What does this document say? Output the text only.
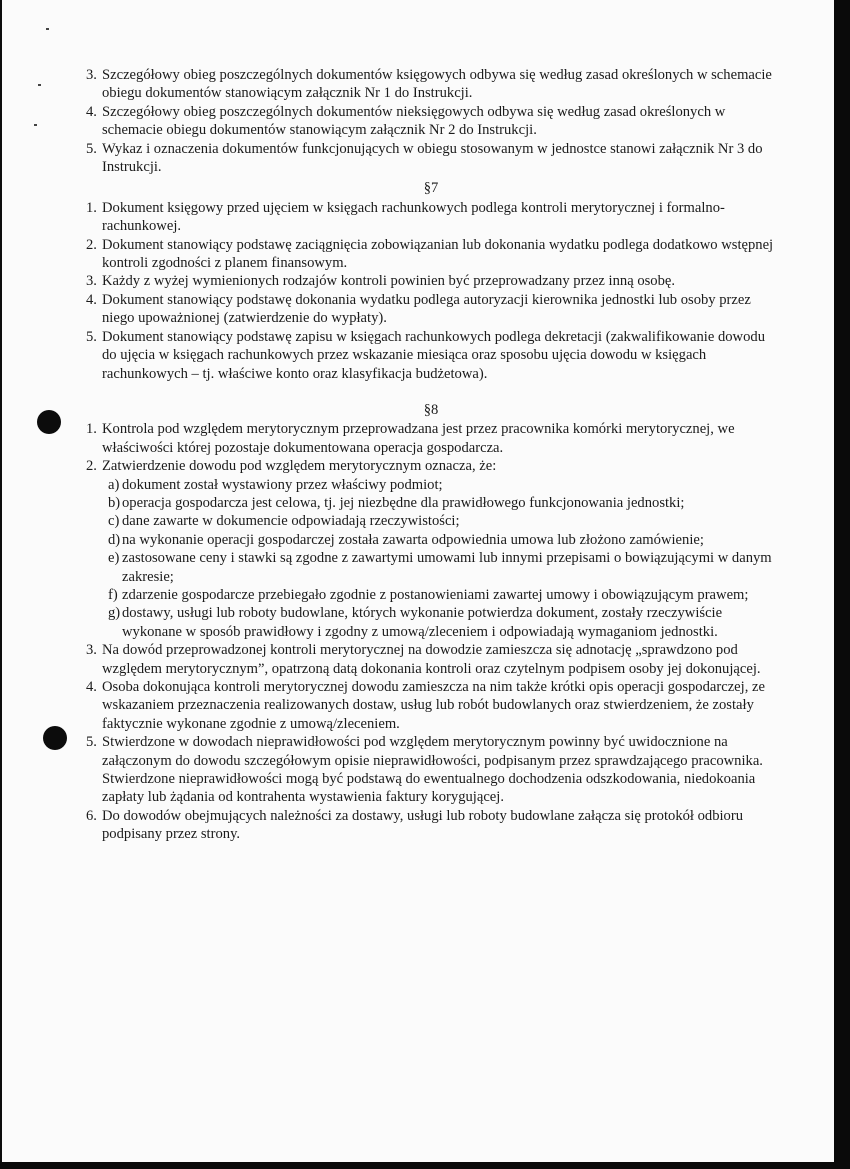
3. Szczegółowy obieg poszczególnych dokumentów księgowych odbywa się według zasad określonych w schemacie obiegu dokumentów stanowiącym załącznik Nr 1 do Instrukcji.
4. Szczegółowy obieg poszczególnych dokumentów nieksięgowych odbywa się według zasad określonych w schemacie obiegu dokumentów stanowiącym załącznik Nr 2 do Instrukcji.
5. Wykaz i oznaczenia dokumentów funkcjonujących w obiegu stosowanym w jednostce stanowi załącznik Nr 3 do Instrukcji.
§7
1. Dokument księgowy przed ujęciem w księgach rachunkowych podlega kontroli merytorycznej i formalno- rachunkowej.
2. Dokument stanowiący podstawę zaciągnięcia zobowiązanian lub dokonania wydatku podlega dodatkowo wstępnej kontroli zgodności z planem finansowym.
3. Każdy z wyżej wymienionych rodzajów kontroli powinien być przeprowadzany przez inną osobę.
4. Dokument stanowiący podstawę dokonania wydatku podlega autoryzacji kierownika jednostki lub osoby przez niego upoważnionej (zatwierdzenie do wypłaty).
5. Dokument stanowiący podstawę zapisu w księgach rachunkowych podlega dekretacji (zakwalifikowanie dowodu do ujęcia w księgach rachunkowych przez wskazanie miesiąca oraz sposobu ujęcia dowodu w księgach rachunkowych – tj. właściwe konto oraz klasyfikacja budżetowa).
§8
1. Kontrola pod względem merytorycznym przeprowadzana jest przez pracownika komórki merytorycznej, we właściwości której pozostaje dokumentowana operacja gospodarcza.
2. Zatwierdzenie dowodu pod względem merytorycznym oznacza, że:
a) dokument został wystawiony przez właściwy podmiot;
b) operacja gospodarcza jest celowa, tj. jej niezbędne dla prawidłowego funkcjonowania jednostki;
c) dane zawarte w dokumencie odpowiadają rzeczywistości;
d) na wykonanie operacji gospodarczej została zawarta odpowiednia umowa lub złożono zamówienie;
e) zastosowane ceny i stawki są zgodne z zawartymi umowami lub innymi przepisami o bowiązującymi w danym zakresie;
f) zdarzenie gospodarcze przebiegało zgodnie z postanowieniami zawartej umowy i obowiązującym prawem;
g) dostawy, usługi lub roboty budowlane, których wykonanie potwierdza dokument, zostały rzeczywiście wykonane w sposób prawidłowy i zgodny z umową/zleceniem i odpowiadają wymaganiom jednostki.
3. Na dowód przeprowadzonej kontroli merytorycznej na dowodzie zamieszcza się adnotację „sprawdzono pod względem merytorycznym”, opatrzoną datą dokonania kontroli oraz czytelnym podpisem osoby jej dokonującej.
4. Osoba dokonująca kontroli merytorycznej dowodu zamieszcza na nim także krótki opis operacji gospodarczej, ze wskazaniem przeznaczenia realizowanych dostaw, usług lub robót budowlanych oraz stwierdzeniem, że zostały faktycznie wykonane zgodnie z umową/zleceniem.
5. Stwierdzone w dowodach nieprawidłowości pod względem merytorycznym powinny być uwidocznione na załączonym do dowodu szczegółowym opisie nieprawidłowości, podpisanym przez sprawdzającego pracownika. Stwierdzone nieprawidłowości mogą być podstawą do ewentualnego dochodzenia odszkodowania, niedokoania zapłaty lub żądania od kontrahenta wystawienia faktury korygującej.
6. Do dowodów obejmujących należności za dostawy, usługi lub roboty budowlane załącza się protokół odbioru podpisany przez strony.
